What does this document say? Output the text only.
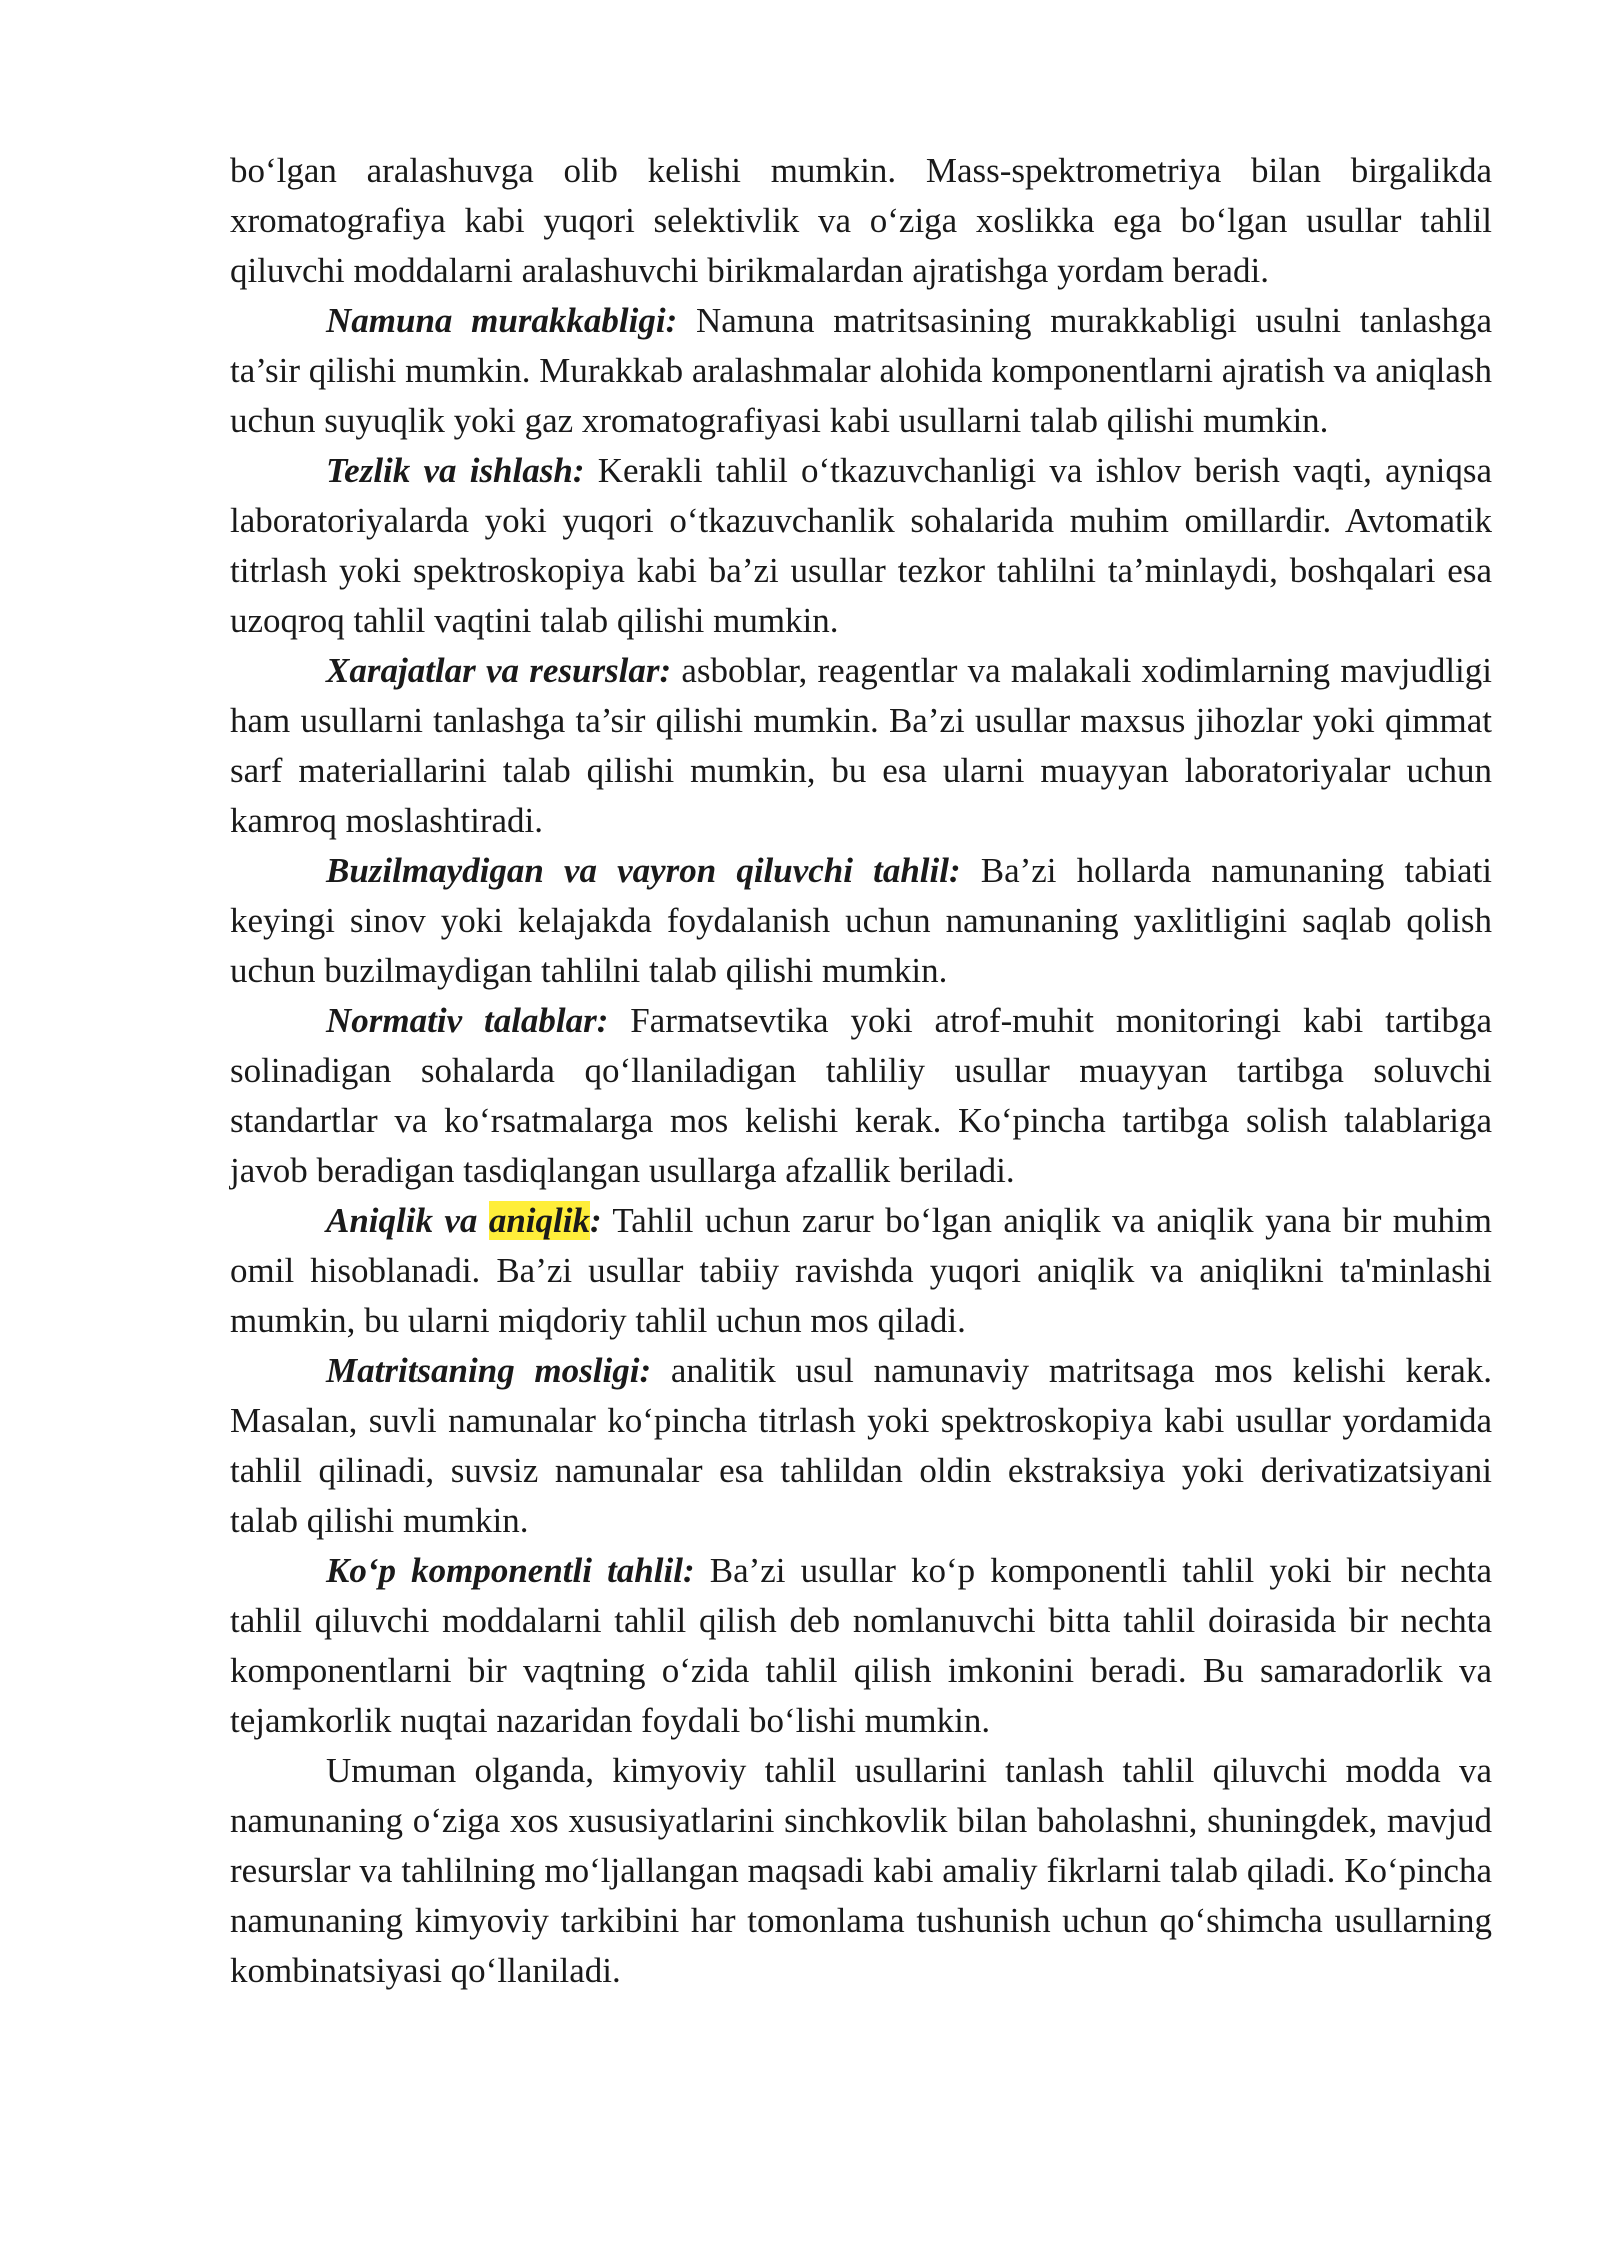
bo‘lgan aralashuvga olib kelishi mumkin. Mass-spektrometriya bilan birgalikda xromatografiya kabi yuqori selektivlik va o‘ziga xoslikka ega bo‘lgan usullar tahlil qiluvchi moddalarni aralashuvchi birikmalardan ajratishga yordam beradi.

Namuna murakkabligi: Namuna matritsasining murakkabligi usulni tanlashga ta’sir qilishi mumkin. Murakkab aralashmalar alohida komponentlarni ajratish va aniqlash uchun suyuqlik yoki gaz xromatografiyasi kabi usullarni talab qilishi mumkin.

Tezlik va ishlash: Kerakli tahlil o‘tkazuvchanligi va ishlov berish vaqti, ayniqsa laboratoriyalarda yoki yuqori o‘tkazuvchanlik sohalarida muhim omillardir. Avtomatik titrlash yoki spektroskopiya kabi ba’zi usullar tezkor tahlilni ta’minlaydi, boshqalari esa uzoqroq tahlil vaqtini talab qilishi mumkin.

Xarajatlar va resurslar: asboblar, reagentlar va malakali xodimlarning mavjudligi ham usullarni tanlashga ta’sir qilishi mumkin. Ba’zi usullar maxsus jihozlar yoki qimmat sarf materiallarini talab qilishi mumkin, bu esa ularni muayyan laboratoriyalar uchun kamroq moslashtiradi.

Buzilmaydigan va vayron qiluvchi tahlil: Ba’zi hollarda namunaning tabiati keyingi sinov yoki kelajakda foydalanish uchun namunaning yaxlitligini saqlab qolish uchun buzilmaydigan tahlilni talab qilishi mumkin.

Normativ talablar: Farmatsevtika yoki atrof-muhit monitoringi kabi tartibga solinadigan sohalarda qo‘llaniladigan tahliliy usullar muayyan tartibga soluvchi standartlar va ko‘rsatmalarga mos kelishi kerak. Ko‘pincha tartibga solish talablariga javob beradigan tasdiqlangan usullarga afzallik beriladi.

Aniqlik va aniqlik: Tahlil uchun zarur bo‘lgan aniqlik va aniqlik yana bir muhim omil hisoblanadi. Ba’zi usullar tabiiy ravishda yuqori aniqlik va aniqlikni ta'minlashi mumkin, bu ularni miqdoriy tahlil uchun mos qiladi.

Matritsaning mosligi: analitik usul namunaviy matritsaga mos kelishi kerak. Masalan, suvli namunalar ko‘pincha titrlash yoki spektroskopiya kabi usullar yordamida tahlil qilinadi, suvsiz namunalar esa tahlildan oldin ekstraksiya yoki derivatizatsiyani talab qilishi mumkin.

Ko‘p komponentli tahlil: Ba’zi usullar ko‘p komponentli tahlil yoki bir nechta tahlil qiluvchi moddalarni tahlil qilish deb nomlanuvchi bitta tahlil doirasida bir nechta komponentlarni bir vaqtning o‘zida tahlil qilish imkonini beradi. Bu samaradorlik va tejamkorlik nuqtai nazaridan foydali bo‘lishi mumkin.

Umuman olganda, kimyoviy tahlil usullarini tanlash tahlil qiluvchi modda va namunaning o‘ziga xos xususiyatlarini sinchkovlik bilan baholashni, shuningdek, mavjud resurslar va tahlilning mo‘ljallangan maqsadi kabi amaliy fikrlarni talab qiladi. Ko‘pincha namunaning kimyoviy tarkibini har tomonlama tushunish uchun qo‘shimcha usullarning kombinatsiyasi qo‘llaniladi.
